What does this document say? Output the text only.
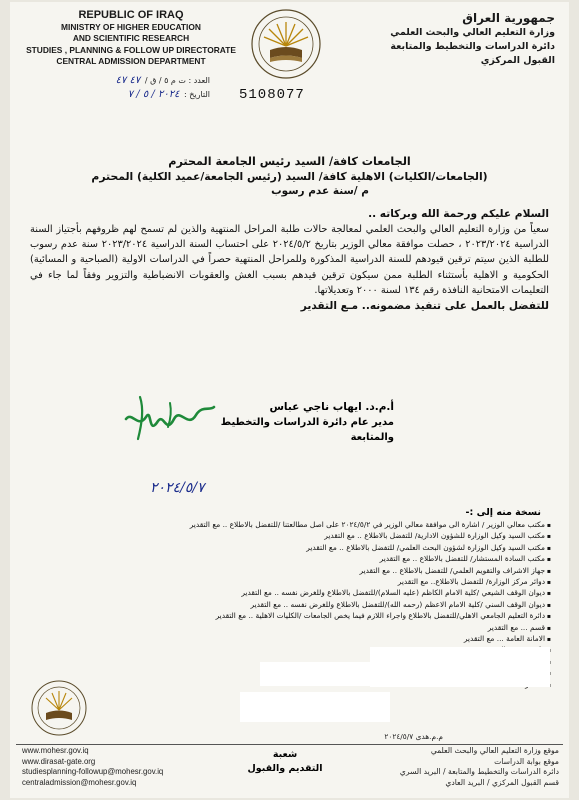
REPUBLIC OF IRAQ
MINISTRY OF HIGHER EDUCATION
AND SCIENTIFIC RESEARCH
STUDIES , PLANNING & FOLLOW UP DIRECTORATE
CENTRAL ADMISSION DEPARTMENT
جمهورية العراق
وزارة التعليم العالي والبحث العلمي
دائرة الدراسات والتخطيط والمتابعة
القبول المركزي
العدد : ت م ٥ / ق / ٤٧ ٤٧
التاريخ : ٢٠٢٤ / ٥ / ٧	5108077
الجامعات كافة/ السيد رئيس الجامعة المحترم
(الجامعات/الكليات) الاهلية كافة/ السيد (رئيس الجامعة/عميد الكلية) المحترم
م /سنة عدم رسوب
السلام عليكم ورحمة الله وبركاته ..
سعياً من وزارة التعليم العالي والبحث العلمي لمعالجة حالات طلبة المراحل المنتهية والذين لم تسمح لهم ظروفهم بأجتياز السنة الدراسية ٢٠٢٣/٢٠٢٤ ، حصلت موافقة معالي الوزير بتاريخ ٢٠٢٤/٥/٢ على احتساب السنة الدراسية ٢٠٢٣/٢٠٢٤ سنة عدم رسوب للطلبة الذين سيتم ترقين قيودهم للسنة الدراسية المذكورة وللمراحل المنتهية حصراً في الدراسات الاولية (الصباحية و المسائية) الحكومية و الاهلية بأستثناء الطلبة ممن سيكون ترقين قيدهم بسبب الغش والعقوبات الانضباطية والتزوير وفقاً لما جاء في التعليمات الامتحانية النافذة رقم ١٣٤ لسنة ٢٠٠٠ وتعديلاتها.
للتفضل بالعمل على تنفيذ مضمونه.. مـع التقدير
أ.م.د. ايهاب ناجي عباس
مدير عام دائرة الدراسات والتخطيط والمتابعة
٢٠٢٤/٥/٧
نسخة منه إلى :-
▪ مكتب معالي الوزير / اشارة الى موافقة معالي الوزير في ٢٠٢٤/٥/٢ على اصل مطالعتنا /للتفضل بالاطلاع .. مع التقدير
▪ مكتب السيد وكيل الوزارة للشؤون الادارية/ للتفضل بالاطلاع .. مع التقدير
▪ مكتب السيد وكيل الوزارة لشؤون البحث العلمي/ للتفضل بالاطلاع .. مع التقدير
▪ مكتب السادة المستشار/ للتفضل بالاطلاع .. مع التقدير
▪ جهاز الاشراف والتقويم العلمي/ للتفضل بالاطلاع .. مع التقدير
▪ دوائر مركز الوزارة/ للتفضل بالاطلاع.. مع التقدير
▪ ديوان الوقف الشيعي /كلية الامام الكاظم (عليه السلام)/للتفضل بالاطلاع وللغرض نفسه .. مع التقدير
▪ ديوان الوقف السني /كلية الامام الاعظم (رحمه الله)/للتفضل بالاطلاع وللغرض نفسه .. مع التقدير
▪ دائرة التعليم الجامعي الاهلي/للتفضل بالاطلاع واجراء اللازم فيما يخص الجامعات /الكليات الاهلية .. مع التقدير
▪ قسم ... مع التقدير
▪ الامانة العامة ... مع التقدير
▪
▪
▪
▪
م.م.هدى ٢٠٢٤/٥/٧
www.mohesr.gov.iq
www.dirasat-gate.org
studiesplanning-followup@mohesr.gov.iq
centraladmission@mohesr.gov.iq
شعبة
التقديم والقبول
موقع وزارة التعليم العالي والبحث العلمي
موقع بوابة الدراسات
دائرة الدراسات والتخطيط والمتابعة / البريد السري
قسم القبول المركزي / البريد العادي
